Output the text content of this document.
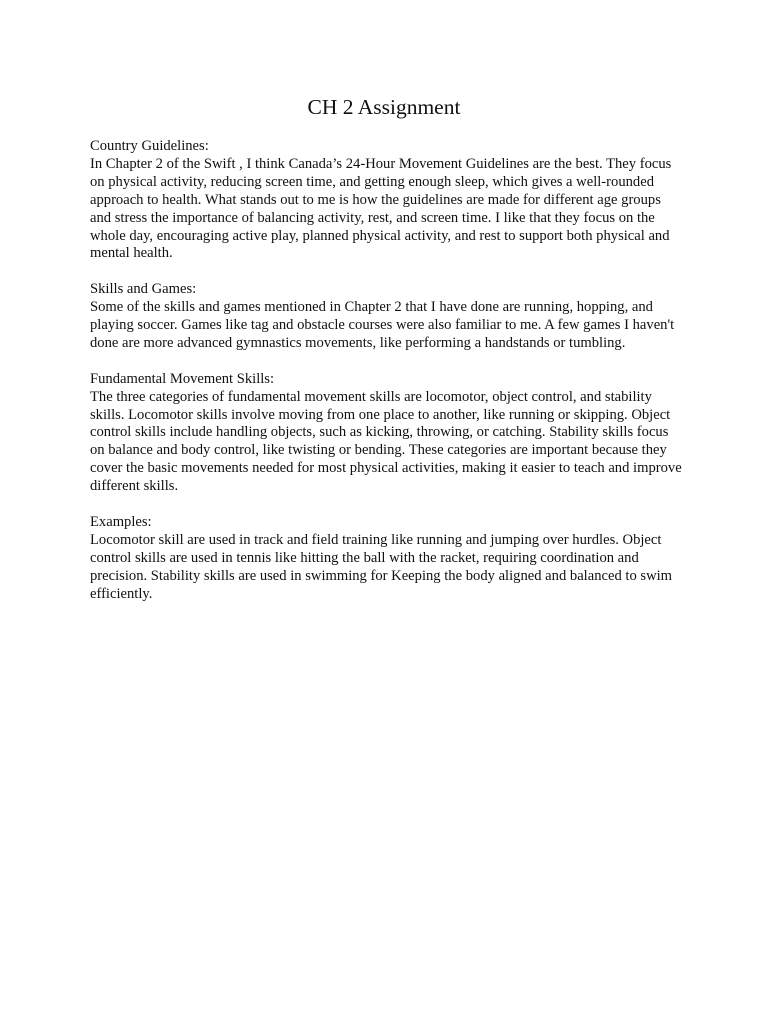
CH 2 Assignment

Country Guidelines:

In Chapter 2 of the Swift , I think Canada’s 24-Hour Movement Guidelines are the best. They focus on physical activity, reducing screen time, and getting enough sleep, which gives a well-rounded approach to health. What stands out to me is how the guidelines are made for different age groups and stress the importance of balancing activity, rest, and screen time. I like that they focus on the whole day, encouraging active play, planned physical activity, and rest to support both physical and mental health.

Skills and Games:

Some of the skills and games mentioned in Chapter 2 that I have done are running, hopping, and playing soccer. Games like tag and obstacle courses were also familiar to me. A few games I haven't done are more advanced gymnastics movements, like performing a handstands or tumbling.

Fundamental Movement Skills:

The three categories of fundamental movement skills are locomotor, object control, and stability skills. Locomotor skills involve moving from one place to another, like running or skipping. Object control skills include handling objects, such as kicking, throwing, or catching. Stability skills focus on balance and body control, like twisting or bending. These categories are important because they cover the basic movements needed for most physical activities, making it easier to teach and improve different skills.

Examples:

Locomotor skill are used in track and field training like running and jumping over hurdles. Object control skills are used in tennis like hitting the ball with the racket, requiring coordination and precision. Stability skills are used in swimming for Keeping the body aligned and balanced to swim efficiently.
